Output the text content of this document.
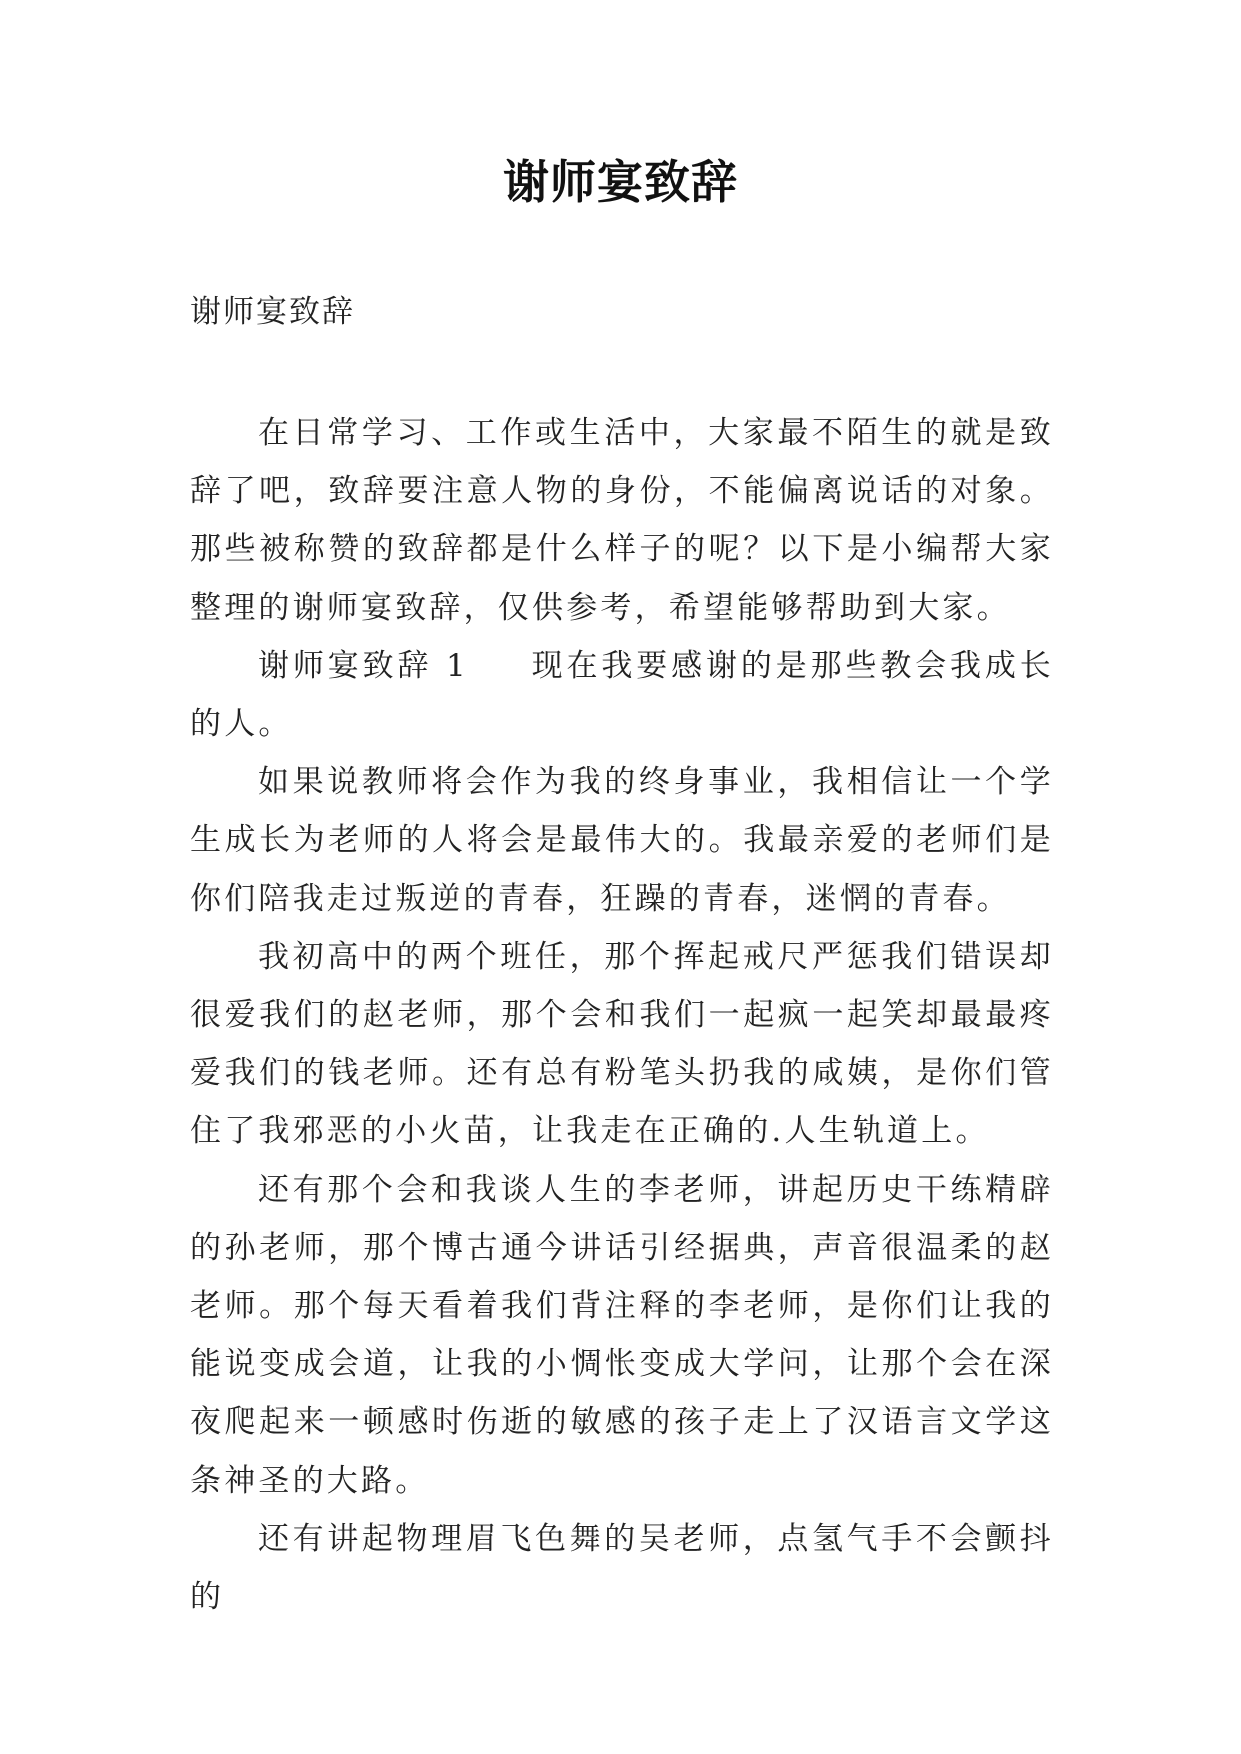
谢师宴致辞
谢师宴致辞

在日常学习、工作或生活中，大家最不陌生的就是致辞了吧，致辞要注意人物的身份，不能偏离说话的对象。那些被称赞的致辞都是什么样子的呢？以下是小编帮大家整理的谢师宴致辞，仅供参考，希望能够帮助到大家。

谢师宴致辞 1 现在我要感谢的是那些教会我成长的人。

如果说教师将会作为我的终身事业，我相信让一个学生成长为老师的人将会是最伟大的。我最亲爱的老师们是你们陪我走过叛逆的青春，狂躁的青春，迷惘的青春。

我初高中的两个班任，那个挥起戒尺严惩我们错误却很爱我们的赵老师，那个会和我们一起疯一起笑却最最疼爱我们的钱老师。还有总有粉笔头扔我的咸姨，是你们管住了我邪恶的小火苗，让我走在正确的.人生轨道上。

还有那个会和我谈人生的李老师，讲起历史干练精辟的孙老师，那个博古通今讲话引经据典，声音很温柔的赵老师。那个每天看着我们背注释的李老师，是你们让我的能说变成会道，让我的小惆怅变成大学问，让那个会在深夜爬起来一顿感时伤逝的敏感的孩子走上了汉语言文学这条神圣的大路。

还有讲起物理眉飞色舞的吴老师，点氢气手不会颤抖的
